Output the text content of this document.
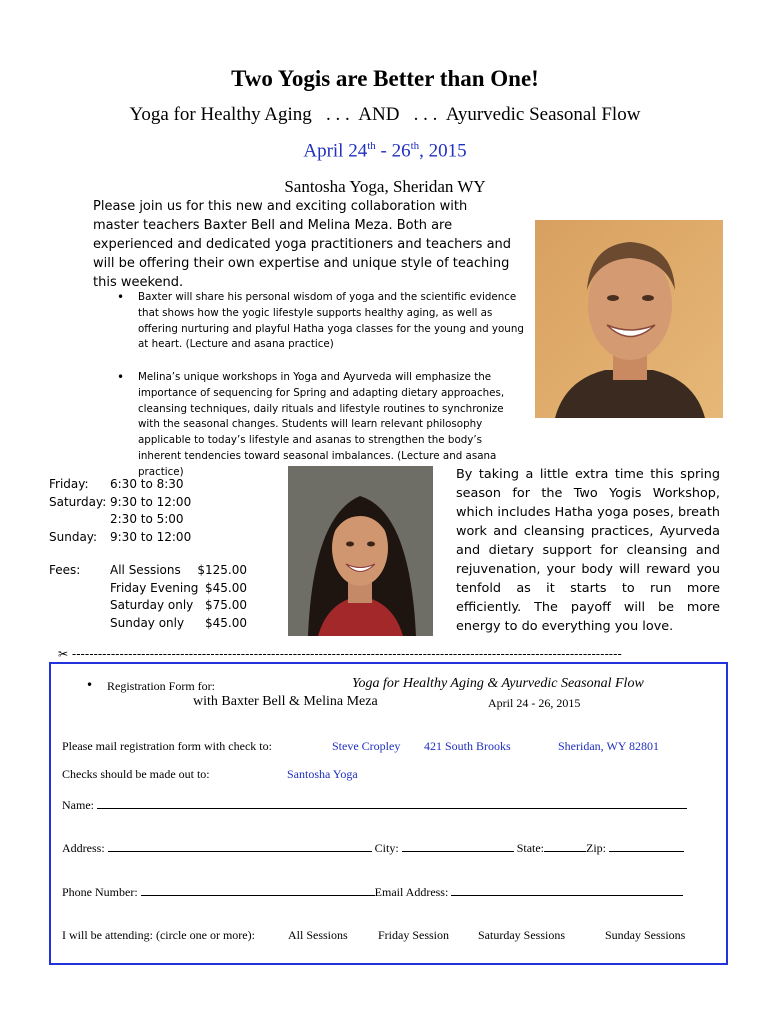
Two Yogis are Better than One!
Yoga for Healthy Aging   . . .  AND   . . .  Ayurvedic Seasonal Flow
April 24th - 26th, 2015
Santosha Yoga, Sheridan WY
Please join us for this new and exciting collaboration with master teachers Baxter Bell and Melina Meza. Both are experienced and dedicated yoga practitioners and teachers and will be offering their own expertise and unique style of teaching this weekend.
• Baxter will share his personal wisdom of yoga and the scientific evidence that shows how the yogic lifestyle supports healthy aging, as well as offering nurturing and playful Hatha yoga classes for the young and young at heart. (Lecture and asana practice)
• Melina’s unique workshops in Yoga and Ayurveda will emphasize the importance of sequencing for Spring and adapting dietary approaches, cleansing techniques, daily rituals and lifestyle routines to synchronize with the seasonal changes. Students will learn relevant philosophy applicable to today’s lifestyle and asanas to strengthen the body’s inherent tendencies toward seasonal imbalances. (Lecture and asana practice)
Friday:	6:30 to 8:30
Saturday: 9:30 to 12:00
2:30 to 5:00
Sunday:	9:30 to 12:00
Fees: All Sessions $125.00
Friday Evening $45.00
Saturday only $75.00
Sunday only $45.00
By taking a little extra time this spring season for the Two Yogis Workshop, which includes Hatha yoga poses, breath work and cleansing practices, Ayurveda and dietary support for cleansing and rejuvenation, your body will reward you tenfold as it starts to run more efficiently. The payoff will be more energy to do everything you love.
✂ -------------------------------------------------------------------------------------------------------------------------------
• Registration Form for:	Yoga for Healthy Aging & Ayurvedic Seasonal Flow
with Baxter Bell & Melina Meza	April 24 - 26, 2015
Please mail registration form with check to:	Steve Cropley 421 South Brooks	Sheridan, WY 82801
Checks should be made out to:	Santosha Yoga
Name:
Address:	City:	State:	Zip:
Phone Number:	Email Address:
I will be attending: (circle one or more):	All Sessions	Friday Session Saturday Sessions	Sunday Sessions
